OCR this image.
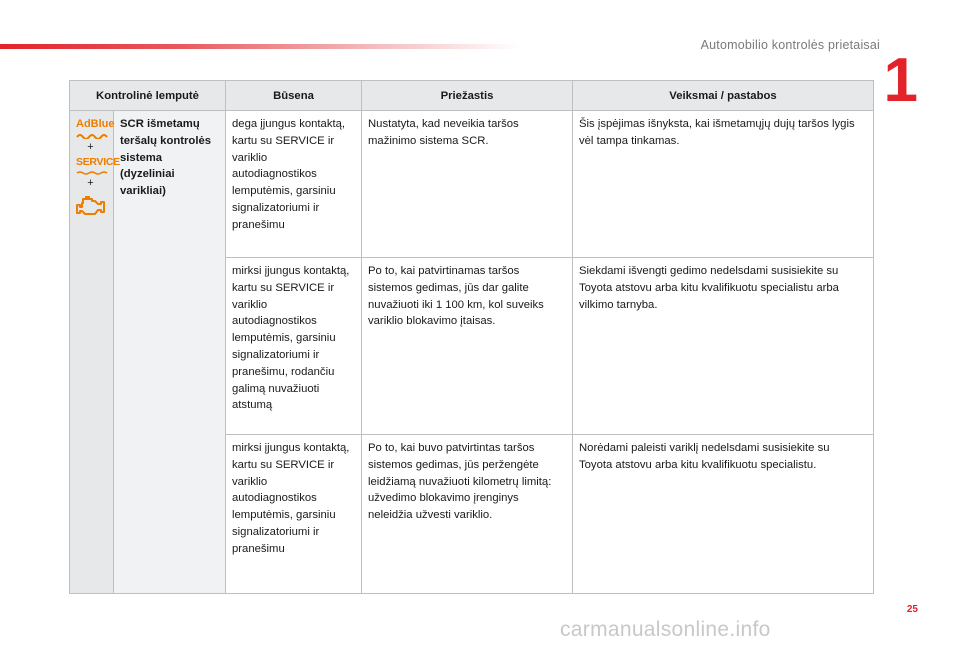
Automobilio kontrolės prietaisai
1
Kontrolinė lemputė		Būsena	Priežastis	Veiksmai / pastabos
AdBlue
+
SERVICE
+	SCR išmetamų teršalų kontrolės sistema (dyzeliniai varikliai)	dega įjungus kontaktą, kartu su SERVICE ir variklio autodiagnostikos lemputėmis, garsiniu signalizatoriumi ir pranešimu	Nustatyta, kad neveikia taršos mažinimo sistema SCR.	Šis įspėjimas išnyksta, kai išmetamųjų dujų taršos lygis vėl tampa tinkamas.
		mirksi įjungus kontaktą, kartu su SERVICE ir variklio autodiagnostikos lemputėmis, garsiniu signalizatoriumi ir pranešimu, rodančiu galimą nuvažiuoti atstumą	Po to, kai patvirtinamas taršos sistemos gedimas, jūs dar galite nuvažiuoti iki 1 100 km, kol suveiks variklio blokavimo įtaisas.	Siekdami išvengti gedimo nedelsdami susisiekite su Toyota atstovu arba kitu kvalifikuotu specialistu arba vilkimo tarnyba.
		mirksi įjungus kontaktą, kartu su SERVICE ir variklio autodiagnostikos lemputėmis, garsiniu signalizatoriumi ir pranešimu	Po to, kai buvo patvirtintas taršos sistemos gedimas, jūs peržengėte leidžiamą nuvažiuoti kilometrų limitą: užvedimo blokavimo įrenginys neleidžia užvesti variklio.	Norėdami paleisti variklį nedelsdami susisiekite su Toyota atstovu arba kitu kvalifikuotu specialistu.
25
carmanualsonline.info
